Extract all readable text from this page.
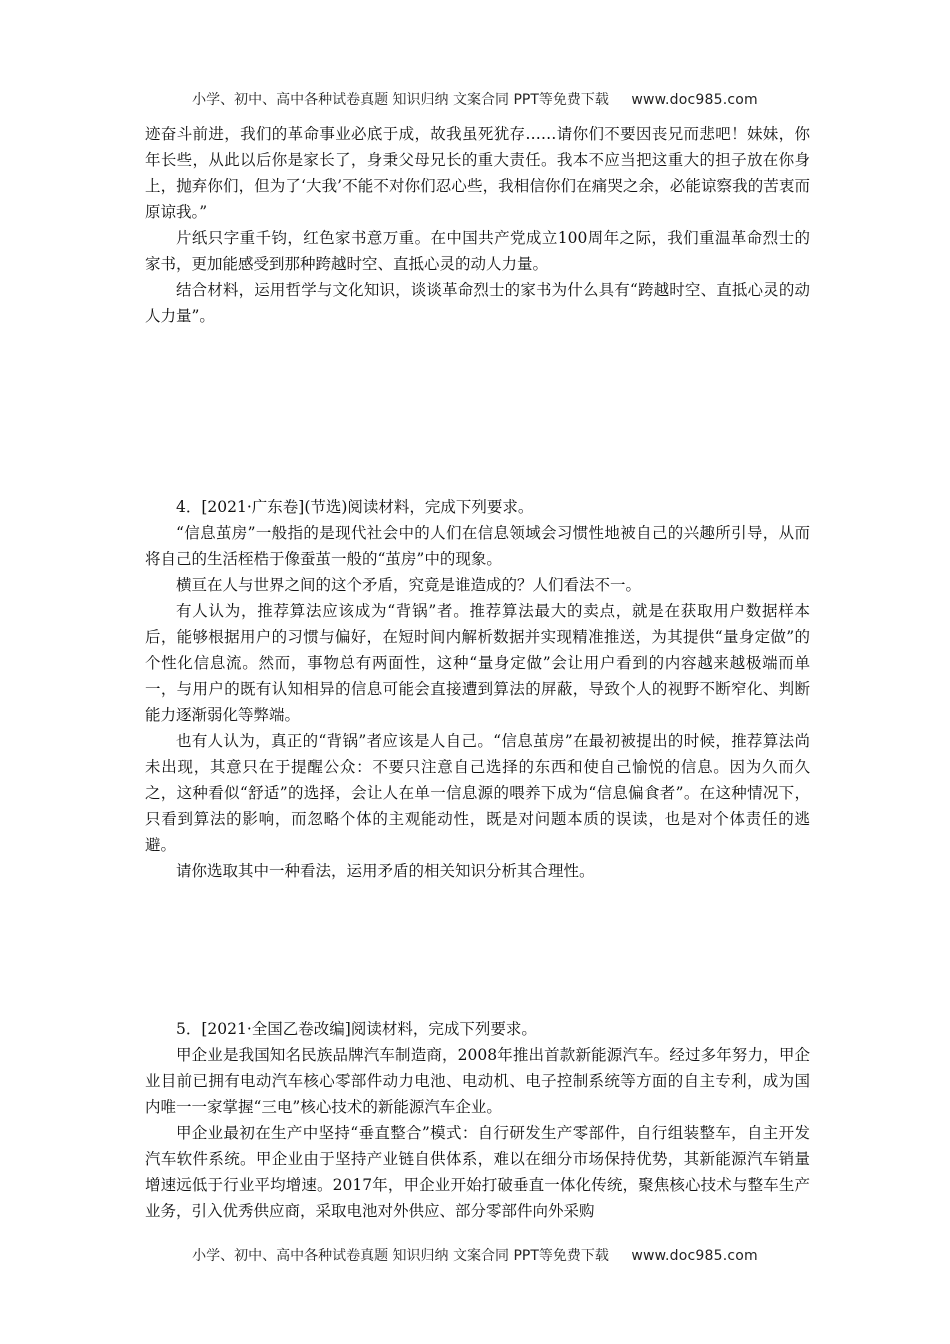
小学、初中、高中各种试卷真题 知识归纳 文案合同 PPT等免费下载 www.doc985.com

迹奋斗前进，我们的革命事业必底于成，故我虽死犹存……请你们不要因丧兄而悲吧！妹妹，你年长些，从此以后你是家长了，身秉父母兄长的重大责任。我本不应当把这重大的担子放在你身上，抛弃你们，但为了‘大我’不能不对你们忍心些，我相信你们在痛哭之余，必能谅察我的苦衷而原谅我。”

片纸只字重千钧，红色家书意万重。在中国共产党成立100周年之际，我们重温革命烈士的家书，更加能感受到那种跨越时空、直抵心灵的动人力量。

结合材料，运用哲学与文化知识，谈谈革命烈士的家书为什么具有“跨越时空、直抵心灵的动人力量”。

4．[2021·广东卷](节选)阅读材料，完成下列要求。

“信息茧房”一般指的是现代社会中的人们在信息领域会习惯性地被自己的兴趣所引导，从而将自己的生活桎梏于像蚕茧一般的“茧房”中的现象。

横亘在人与世界之间的这个矛盾，究竟是谁造成的？人们看法不一。

有人认为，推荐算法应该成为“背锅”者。推荐算法最大的卖点，就是在获取用户数据样本后，能够根据用户的习惯与偏好，在短时间内解析数据并实现精准推送，为其提供“量身定做”的个性化信息流。然而，事物总有两面性，这种“量身定做”会让用户看到的内容越来越极端而单一，与用户的既有认知相异的信息可能会直接遭到算法的屏蔽，导致个人的视野不断窄化、判断能力逐渐弱化等弊端。

也有人认为，真正的“背锅”者应该是人自己。“信息茧房”在最初被提出的时候，推荐算法尚未出现，其意只在于提醒公众：不要只注意自己选择的东西和使自己愉悦的信息。因为久而久之，这种看似“舒适”的选择，会让人在单一信息源的喂养下成为“信息偏食者”。在这种情况下，只看到算法的影响，而忽略个体的主观能动性，既是对问题本质的误读，也是对个体责任的逃避。

请你选取其中一种看法，运用矛盾的相关知识分析其合理性。

5．[2021·全国乙卷改编]阅读材料，完成下列要求。

甲企业是我国知名民族品牌汽车制造商，2008年推出首款新能源汽车。经过多年努力，甲企业目前已拥有电动汽车核心零部件动力电池、电动机、电子控制系统等方面的自主专利，成为国内唯一一家掌握“三电”核心技术的新能源汽车企业。

甲企业最初在生产中坚持“垂直整合”模式：自行研发生产零部件，自行组装整车，自主开发汽车软件系统。甲企业由于坚持产业链自供体系，难以在细分市场保持优势，其新能源汽车销量增速远低于行业平均增速。2017年，甲企业开始打破垂直一体化传统，聚焦核心技术与整车生产业务，引入优秀供应商，采取电池对外供应、部分零部件向外采购

小学、初中、高中各种试卷真题 知识归纳 文案合同 PPT等免费下载 www.doc985.com
